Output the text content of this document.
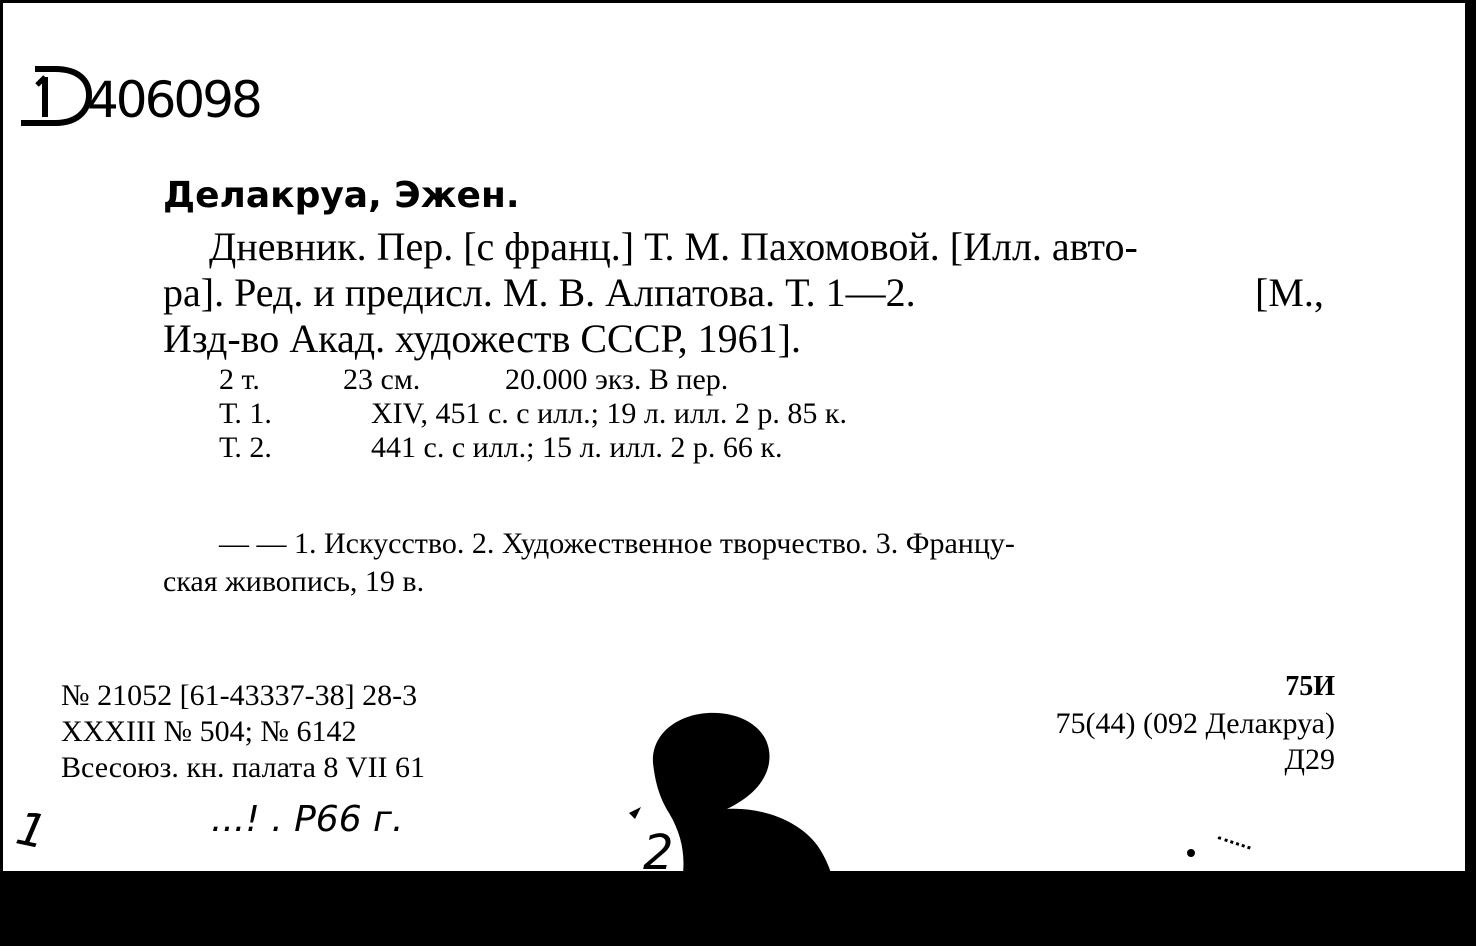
406098
Делакруа, Эжен.
Дневник. Пер. [с франц.] Т. М. Пахомовой. [Илл. авто-
ра]. Ред. и предисл. М. В. Алпатова. Т. 1—2.	[М.,
Изд-во Акад. художеств СССР, 1961].
2 т.	23 см.	20.000 экз. В пер.
Т. 1.	XIV, 451 с. с илл.; 19 л. илл. 2 р. 85 к.
Т. 2.	441 с. с илл.; 15 л. илл. 2 р. 66 к.
— — 1. Искусство. 2. Художественное творчество. 3. Францу-
ская живопись, 19 в.
№ 21052 [61-43337-38] 28-3
ХХХIII № 504; № 6142
Всесоюз. кн. палата 8 VII 61
75И
75(44) (092 Делакруа)
Д29
1	...! . Р66 г.
2
